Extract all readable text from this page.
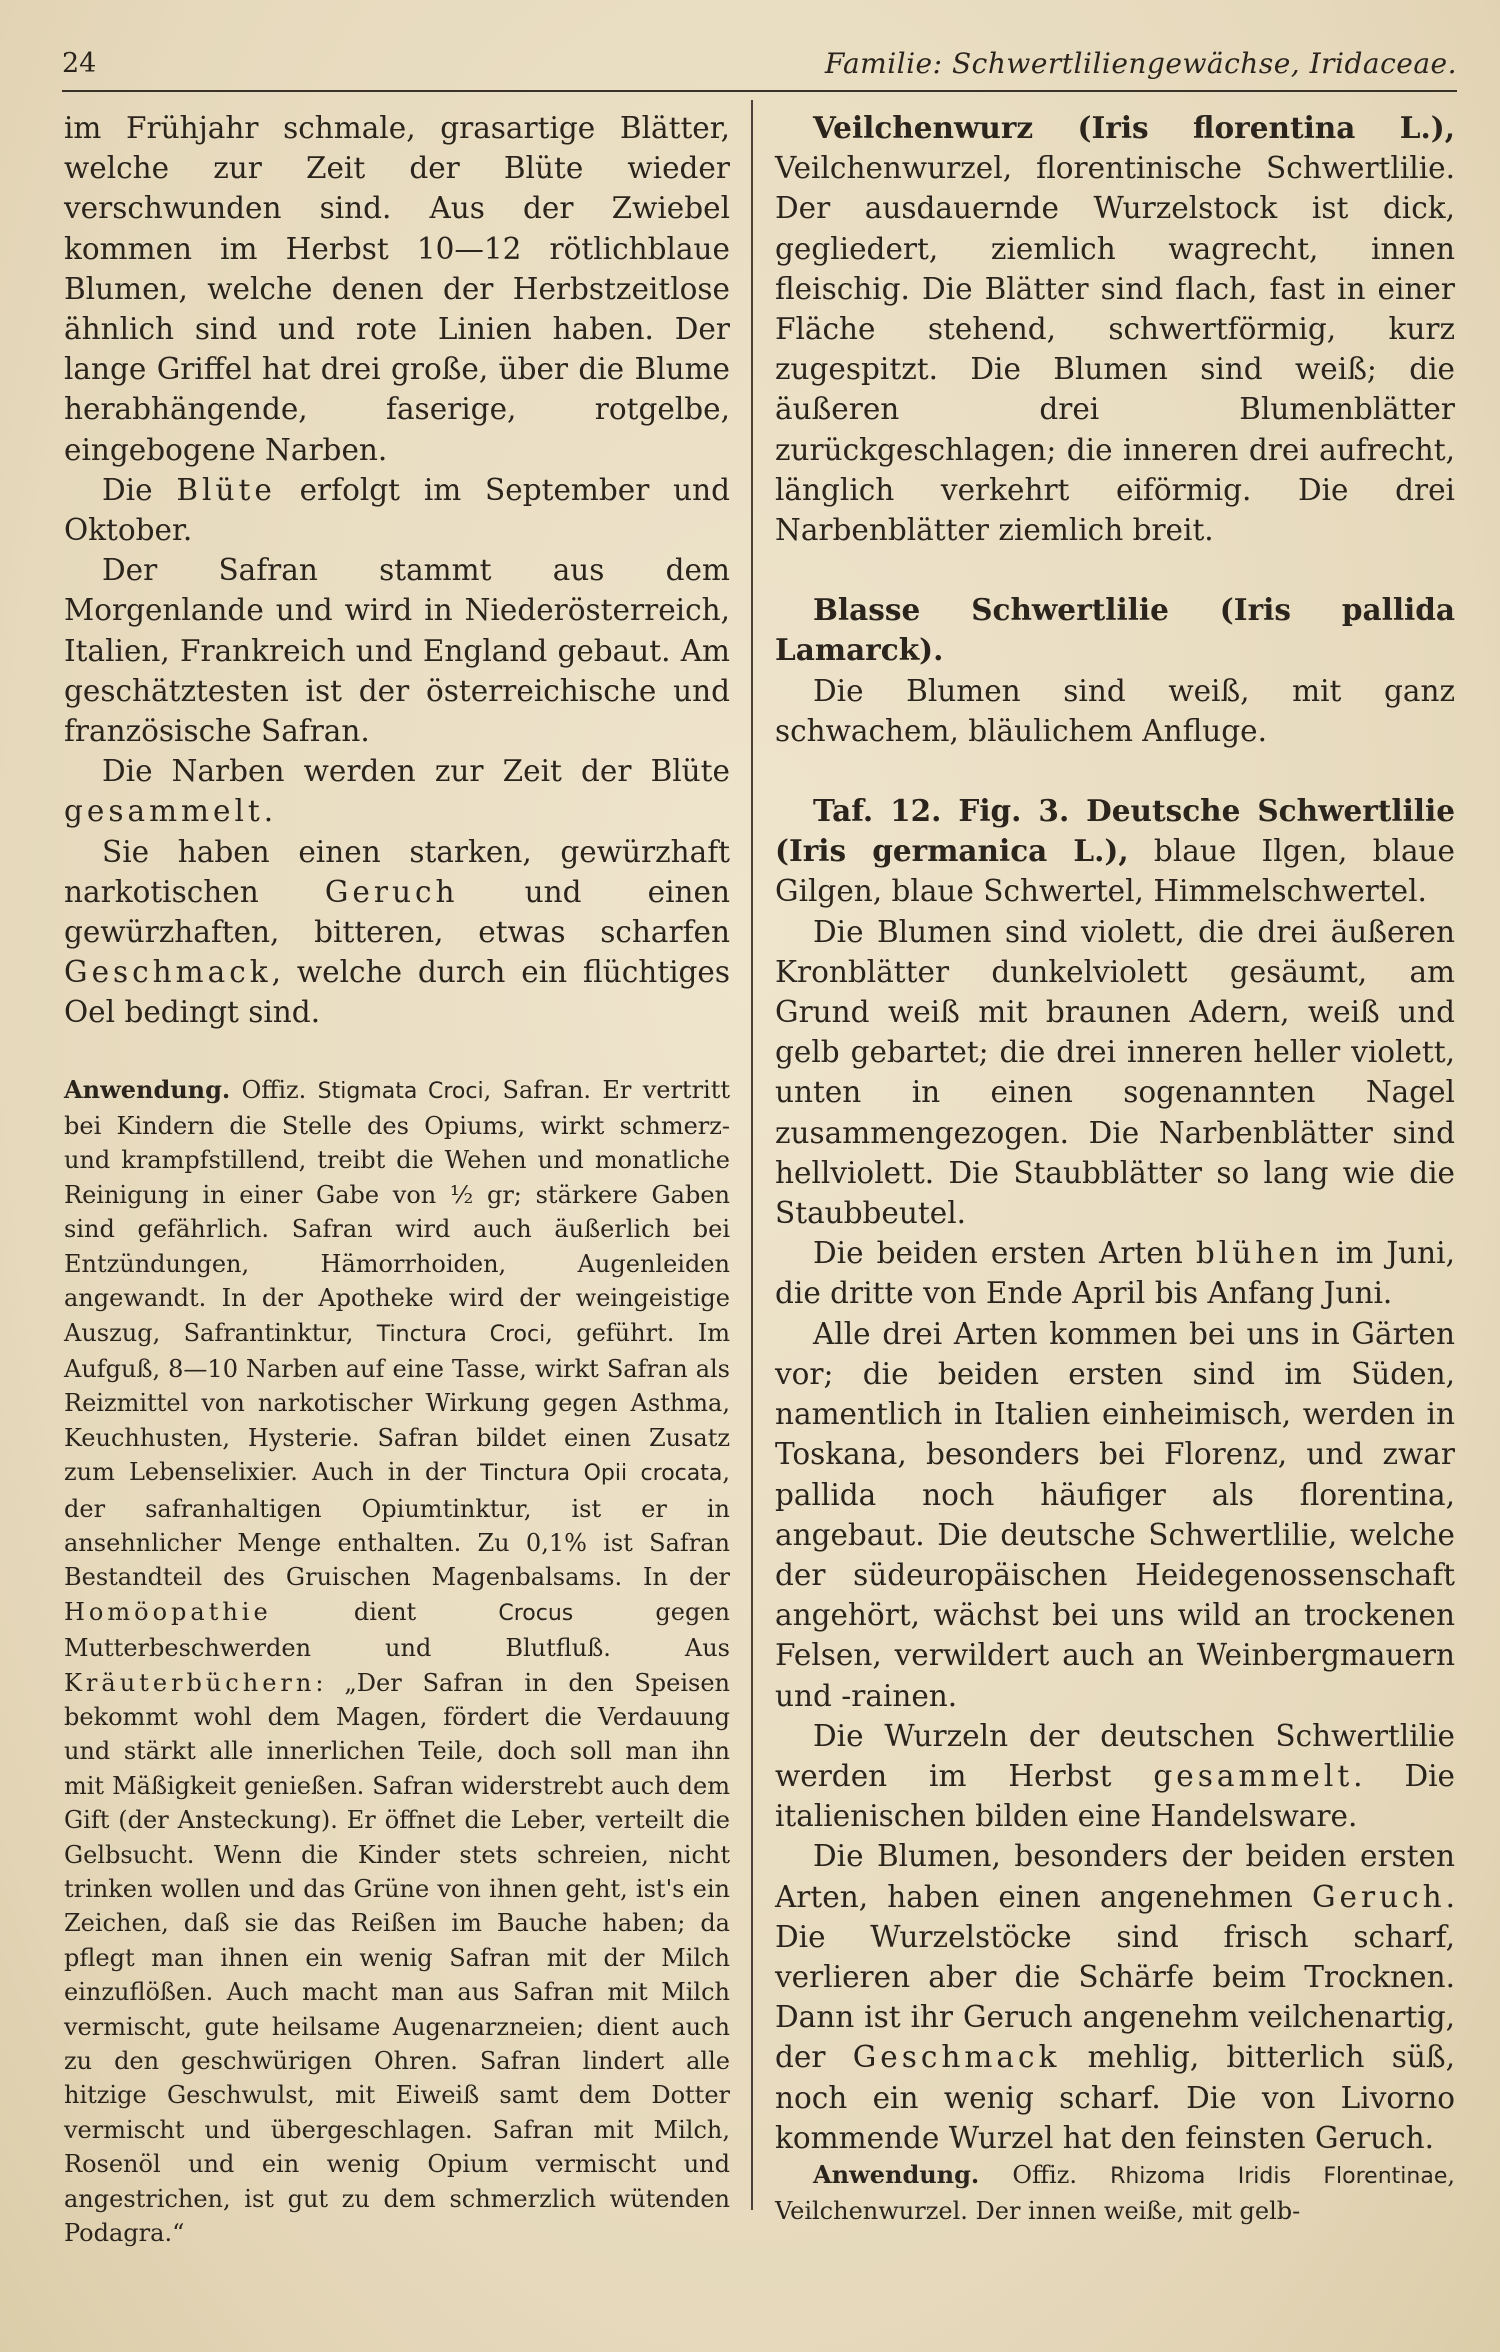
24	Familie: Schwertliliengewächse, Iridaceae.

im Frühjahr schmale, grasartige Blätter, welche zur Zeit der Blüte wieder verschwunden sind. Aus der Zwiebel kommen im Herbst 10—12 rötlichblaue Blumen, welche denen der Herbstzeitlose ähnlich sind und rote Linien haben. Der lange Griffel hat drei große, über die Blume herabhängende, faserige, rotgelbe, eingebogene Narben.

Die Blüte erfolgt im September und Oktober.

Der Safran stammt aus dem Morgenlande und wird in Niederösterreich, Italien, Frankreich und England gebaut. Am geschätztesten ist der österreichische und französische Safran.

Die Narben werden zur Zeit der Blüte gesammelt.

Sie haben einen starken, gewürzhaft narkotischen Geruch und einen gewürzhaften, bitteren, etwas scharfen Geschmack, welche durch ein flüchtiges Oel bedingt sind.

Anwendung. Offiz. Stigmata Croci, Safran. Er vertritt bei Kindern die Stelle des Opiums, wirkt schmerz- und krampfstillend, treibt die Wehen und monatliche Reinigung in einer Gabe von ½ gr; stärkere Gaben sind gefährlich. Safran wird auch äußerlich bei Entzündungen, Hämorrhoiden, Augenleiden angewandt. In der Apotheke wird der weingeistige Auszug, Safrantinktur, Tinctura Croci, geführt. Im Aufguß, 8—10 Narben auf eine Tasse, wirkt Safran als Reizmittel von narkotischer Wirkung gegen Asthma, Keuchhusten, Hysterie. Safran bildet einen Zusatz zum Lebenselixier. Auch in der Tinctura Opii crocata, der safranhaltigen Opiumtinktur, ist er in ansehnlicher Menge enthalten. Zu 0,1% ist Safran Bestandteil des Gruischen Magenbalsams. In der Homöopathie dient Crocus gegen Mutterbeschwerden und Blutfluß. Aus Kräuterbüchern: „Der Safran in den Speisen bekommt wohl dem Magen, fördert die Verdauung und stärkt alle innerlichen Teile, doch soll man ihn mit Mäßigkeit genießen. Safran widerstrebt auch dem Gift (der Ansteckung). Er öffnet die Leber, verteilt die Gelbsucht. Wenn die Kinder stets schreien, nicht trinken wollen und das Grüne von ihnen geht, ist's ein Zeichen, daß sie das Reißen im Bauche haben; da pflegt man ihnen ein wenig Safran mit der Milch einzuflößen. Auch macht man aus Safran mit Milch vermischt, gute heilsame Augenarzneien; dient auch zu den geschwürigen Ohren. Safran lindert alle hitzige Geschwulst, mit Eiweiß samt dem Dotter vermischt und übergeschlagen. Safran mit Milch, Rosenöl und ein wenig Opium vermischt und angestrichen, ist gut zu dem schmerzlich wütenden Podagra.“

Veilchenwurz (Iris florentina L.), Veilchenwurzel, florentinische Schwertlilie. Der ausdauernde Wurzelstock ist dick, gegliedert, ziemlich wagrecht, innen fleischig. Die Blätter sind flach, fast in einer Fläche stehend, schwertförmig, kurz zugespitzt. Die Blumen sind weiß; die äußeren drei Blumenblätter zurückgeschlagen; die inneren drei aufrecht, länglich verkehrt eiförmig. Die drei Narbenblätter ziemlich breit.

Blasse Schwertlilie (Iris pallida Lamarck).

Die Blumen sind weiß, mit ganz schwachem, bläulichem Anfluge.

Taf. 12. Fig. 3. Deutsche Schwertlilie (Iris germanica L.), blaue Ilgen, blaue Gilgen, blaue Schwertel, Himmelschwertel.

Die Blumen sind violett, die drei äußeren Kronblätter dunkelviolett gesäumt, am Grund weiß mit braunen Adern, weiß und gelb gebartet; die drei inneren heller violett, unten in einen sogenannten Nagel zusammengezogen. Die Narbenblätter sind hellviolett. Die Staubblätter so lang wie die Staubbeutel.

Die beiden ersten Arten blühen im Juni, die dritte von Ende April bis Anfang Juni.

Alle drei Arten kommen bei uns in Gärten vor; die beiden ersten sind im Süden, namentlich in Italien einheimisch, werden in Toskana, besonders bei Florenz, und zwar pallida noch häufiger als florentina, angebaut. Die deutsche Schwertlilie, welche der südeuropäischen Heidegenossenschaft angehört, wächst bei uns wild an trockenen Felsen, verwildert auch an Weinbergmauern und -rainen.

Die Wurzeln der deutschen Schwertlilie werden im Herbst gesammelt. Die italienischen bilden eine Handelsware.

Die Blumen, besonders der beiden ersten Arten, haben einen angenehmen Geruch. Die Wurzelstöcke sind frisch scharf, verlieren aber die Schärfe beim Trocknen. Dann ist ihr Geruch angenehm veilchenartig, der Geschmack mehlig, bitterlich süß, noch ein wenig scharf. Die von Livorno kommende Wurzel hat den feinsten Geruch.

Anwendung. Offiz. Rhizoma Iridis Florentinae, Veilchenwurzel. Der innen weiße, mit gelb-
